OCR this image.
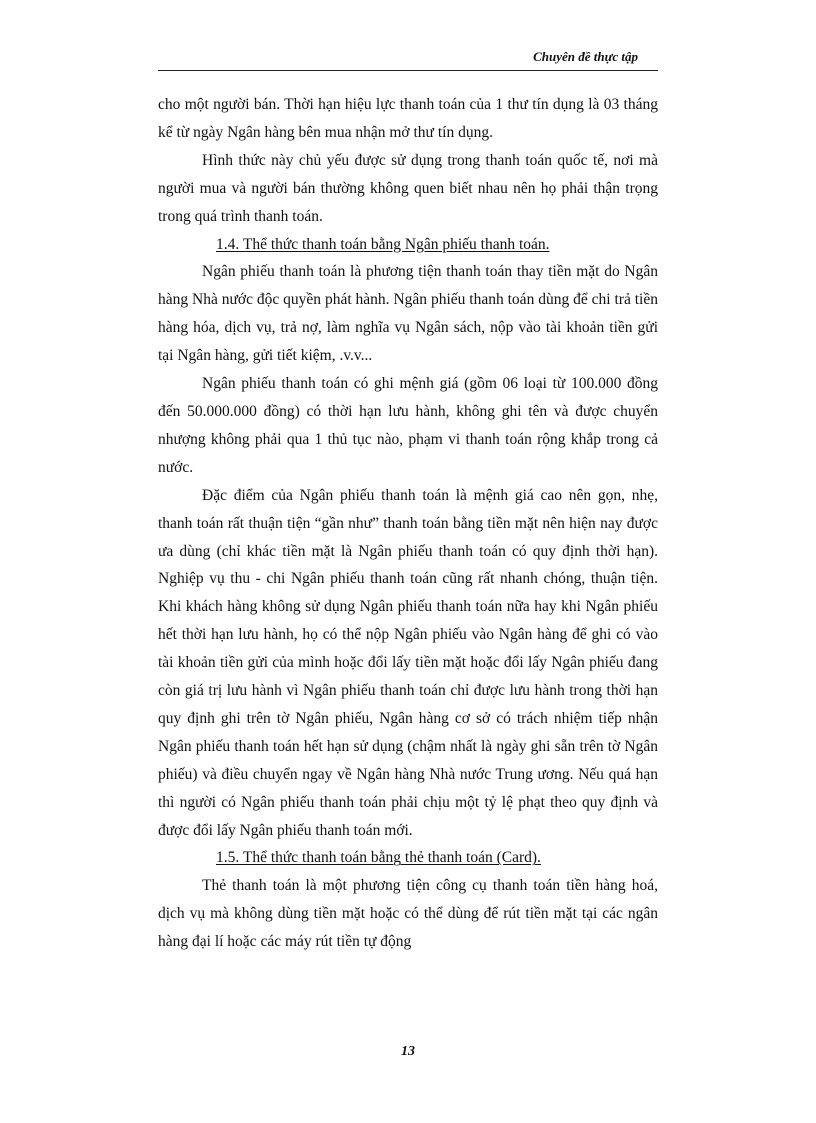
Chuyên đề thực tập

cho một người bán. Thời hạn hiệu lực thanh toán của 1 thư tín dụng là 03 tháng kể từ ngày Ngân hàng bên mua nhận mở thư tín dụng.

Hình thức này chủ yếu được sử dụng trong thanh toán quốc tế, nơi mà người mua và người bán thường không quen biết nhau nên họ phải thận trọng trong quá trình thanh toán.

1.4. Thể thức thanh toán bằng Ngân phiếu thanh toán.

Ngân phiếu thanh toán là phương tiện thanh toán thay tiền mặt do Ngân hàng Nhà nước độc quyền phát hành. Ngân phiếu thanh toán dùng để chi trả tiền hàng hóa, dịch vụ, trả nợ, làm nghĩa vụ Ngân sách, nộp vào tài khoản tiền gửi tại Ngân hàng, gửi tiết kiệm, .v.v...

Ngân phiếu thanh toán có ghi mệnh giá (gồm 06 loại từ 100.000 đồng đến 50.000.000 đồng) có thời hạn lưu hành, không ghi tên và được chuyển nhượng không phải qua 1 thủ tục nào, phạm vi thanh toán rộng khắp trong cả nước.

Đặc điểm của Ngân phiếu thanh toán là mệnh giá cao nên gọn, nhẹ, thanh toán rất thuận tiện “gần như” thanh toán bằng tiền mặt nên hiện nay được ưa dùng (chỉ khác tiền mặt là Ngân phiếu thanh toán có quy định thời hạn). Nghiệp vụ thu - chi Ngân phiếu thanh toán cũng rất nhanh chóng, thuận tiện. Khi khách hàng không sử dụng Ngân phiếu thanh toán nữa hay khi Ngân phiếu hết thời hạn lưu hành, họ có thể nộp Ngân phiếu vào Ngân hàng để ghi có vào tài khoản tiền gửi của mình hoặc đổi lấy tiền mặt hoặc đổi lấy Ngân phiếu đang còn giá trị lưu hành vì Ngân phiếu thanh toán chỉ được lưu hành trong thời hạn quy định ghi trên tờ Ngân phiếu, Ngân hàng cơ sở có trách nhiệm tiếp nhận Ngân phiếu thanh toán hết hạn sử dụng (chậm nhất là ngày ghi sẵn trên tờ Ngân phiếu) và điều chuyển ngay về Ngân hàng Nhà nước Trung ương. Nếu quá hạn thì người có Ngân phiếu thanh toán phải chịu một tỷ lệ phạt theo quy định và được đổi lấy Ngân phiếu thanh toán mới.

1.5. Thể thức thanh toán bằng thẻ thanh toán (Card).

Thẻ thanh toán là một phương tiện công cụ thanh toán tiền hàng hoá, dịch vụ mà không dùng tiền mặt hoặc có thể dùng để rút tiền mặt tại các ngân hàng đại lí hoặc các máy rút tiền tự động

13
